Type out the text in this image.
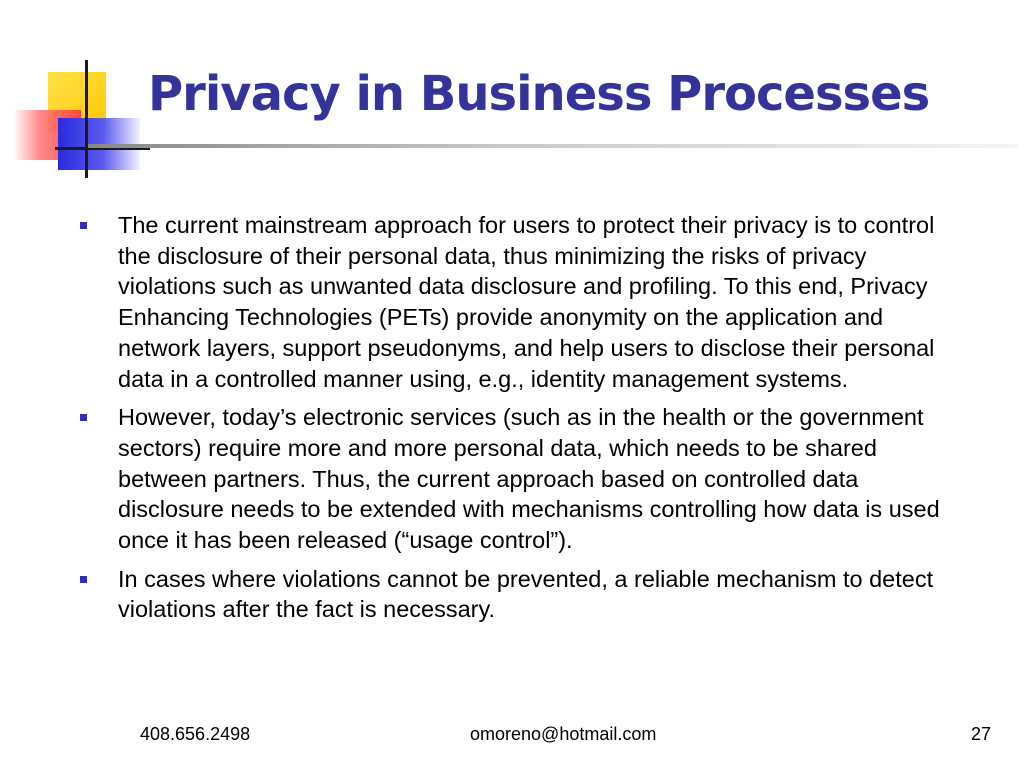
Privacy in Business Processes
The current mainstream approach for users to protect their privacy is to control the disclosure of their personal data, thus minimizing the risks of privacy violations such as unwanted data disclosure and profiling. To this end, Privacy Enhancing Technologies (PETs) provide anonymity on the application and network layers, support pseudonyms, and help users to disclose their personal data in a controlled manner using, e.g., identity management systems.
However, today’s electronic services (such as in the health or the government sectors) require more and more personal data, which needs to be shared between partners. Thus, the current approach based on controlled data disclosure needs to be extended with mechanisms controlling how data is used once it has been released (“usage control”).
In cases where violations cannot be prevented, a reliable mechanism to detect violations after the fact is necessary.
408.656.2498	omoreno@hotmail.com	27
